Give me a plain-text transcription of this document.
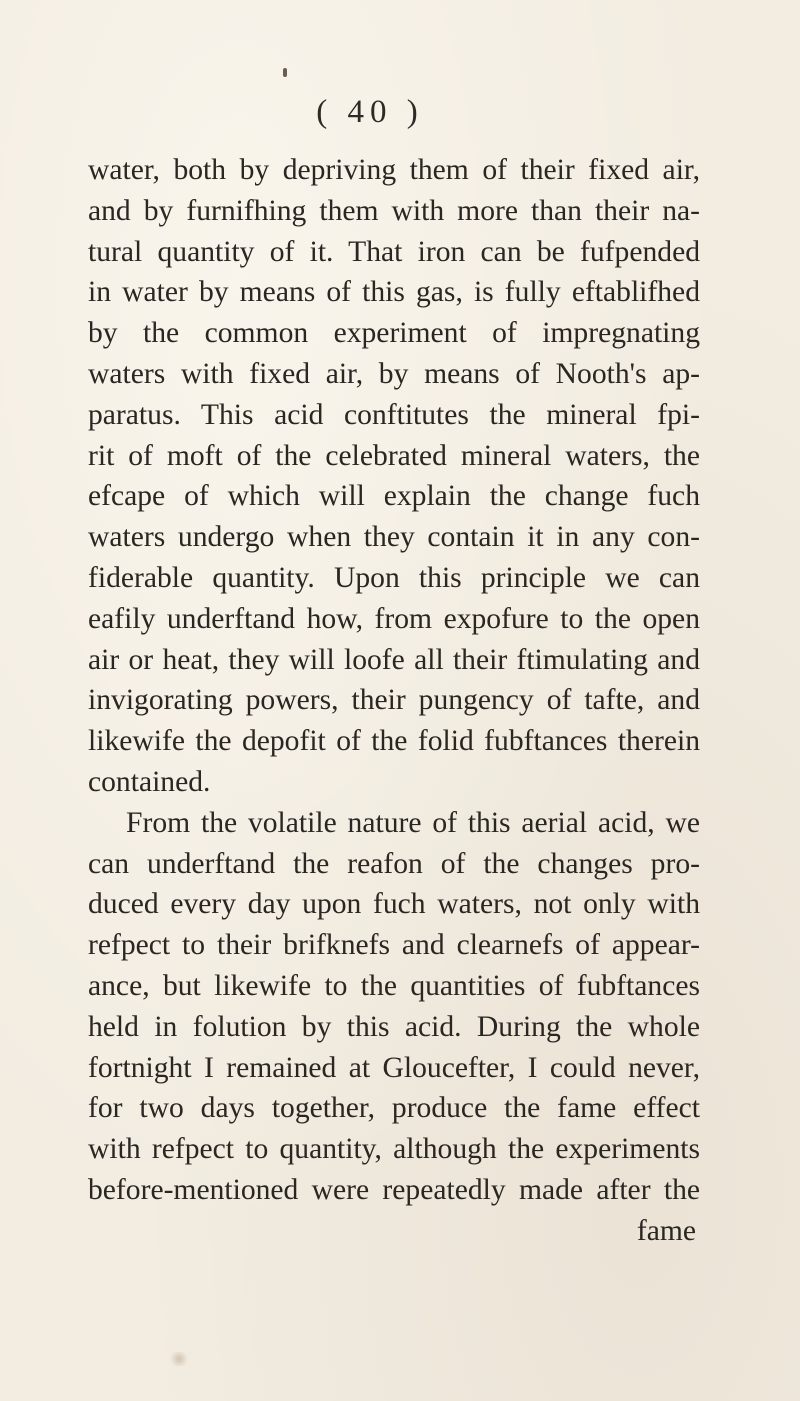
( 40 )
water, both by depriving them of their fixed air,
and by furnifhing them with more than their na-
tural quantity of it. That iron can be fufpended
in water by means of this gas, is fully eftablifhed
by the common experiment of impregnating
waters with fixed air, by means of Nooth's ap-
paratus. This acid conftitutes the mineral fpi-
rit of moft of the celebrated mineral waters, the
efcape of which will explain the change fuch
waters undergo when they contain it in any con-
fiderable quantity. Upon this principle we can
eafily underftand how, from expofure to the open
air or heat, they will loofe all their ftimulating and
invigorating powers, their pungency of tafte, and
likewife the depofit of the folid fubftances therein
contained.
From the volatile nature of this aerial acid, we
can underftand the reafon of the changes pro-
duced every day upon fuch waters, not only with
refpect to their brifknefs and clearnefs of appear-
ance, but likewife to the quantities of fubftances
held in folution by this acid. During the whole
fortnight I remained at Gloucefter, I could never,
for two days together, produce the fame effect
with refpect to quantity, although the experiments
before-mentioned were repeatedly made after the
fame
